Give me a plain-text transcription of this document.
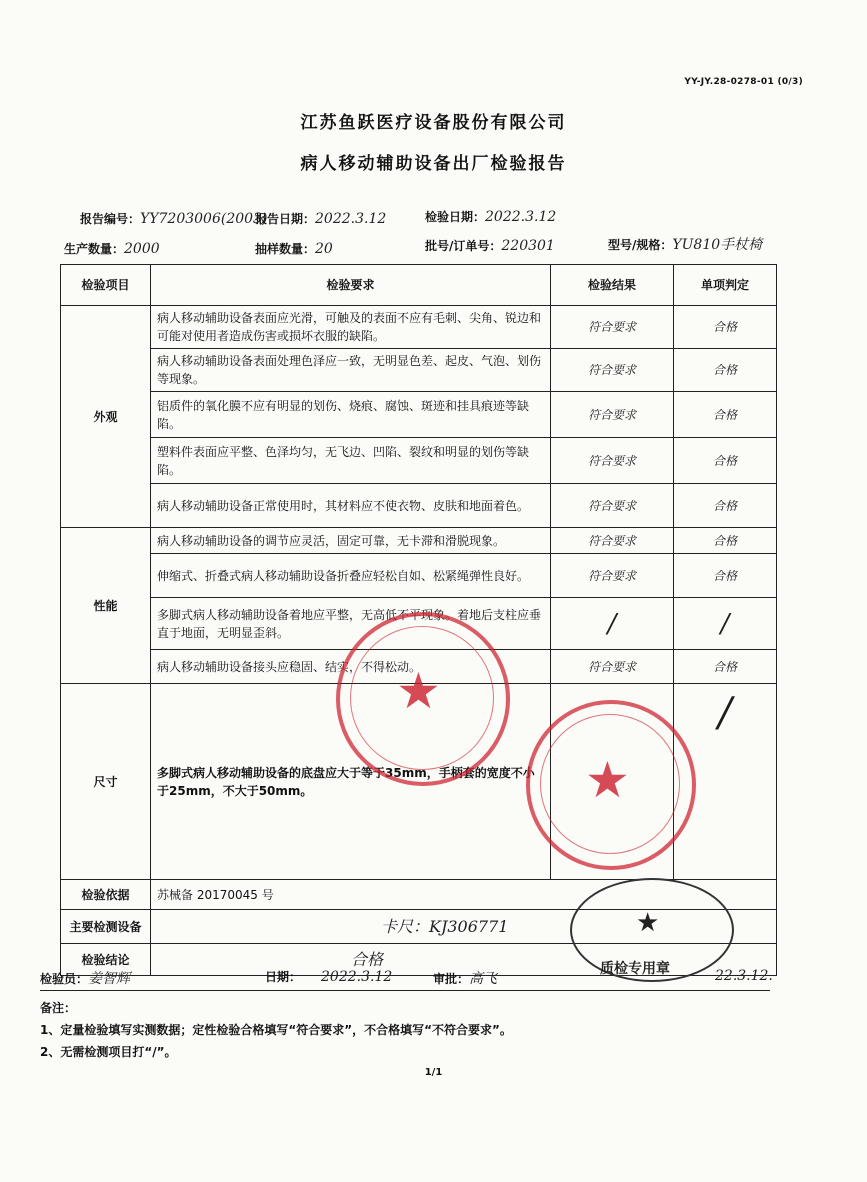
YY-JY.28-0278-01 (0/3)
江苏鱼跃医疗设备股份有限公司
病人移动辅助设备出厂检验报告
报告编号：YY7203006(2003)
报告日期：2022.3.12	检验日期：2022.3.12
生产数量：2000	抽样数量：20	批号/订单号：220301	型号/规格：YU810手杖椅
检验项目	检验要求	检验结果	单项判定
外观	病人移动辅助设备表面应光滑，可触及的表面不应有毛刺、尖角、锐边和可能对使用者造成伤害或损坏衣服的缺陷。	符合要求	合格
	病人移动辅助设备表面处理色泽应一致，无明显色差、起皮、气泡、划伤等现象。	符合要求	合格
	铝质件的氧化膜不应有明显的划伤、烧痕、腐蚀、斑迹和挂具痕迹等缺陷。	符合要求	合格
	塑料件表面应平整、色泽均匀，无飞边、凹陷、裂纹和明显的划伤等缺陷。	符合要求	合格
	病人移动辅助设备正常使用时，其材料应不使衣物、皮肤和地面着色。	符合要求	合格
性能	病人移动辅助设备的调节应灵活，固定可靠，无卡滞和滑脱现象。	符合要求	合格
	伸缩式、折叠式病人移动辅助设备折叠应轻松自如、松紧绳弹性良好。	符合要求	合格
	多脚式病人移动辅助设备着地应平整，无高低不平现象。着地后支柱应垂直于地面，无明显歪斜。	/	/
	病人移动辅助设备接头应稳固、结实，不得松动。	符合要求	合格
尺寸	多脚式病人移动辅助设备的底盘应大于等于35mm，手柄套的宽度不小于25mm，不大于50mm。		/
检验依据	苏械备 20170045 号		
主要检测设备	卡尺：KJ306771		
检验结论	合格		
检验员：姜智辉	日期： 2022.3.12	审批：高飞	22.3.12.
备注：
1、定量检验填写实测数据；定性检验合格填写“符合要求”，不合格填写“不符合要求”。
2、无需检测项目打“/”。
1/1
★
★
★
质检专用章
